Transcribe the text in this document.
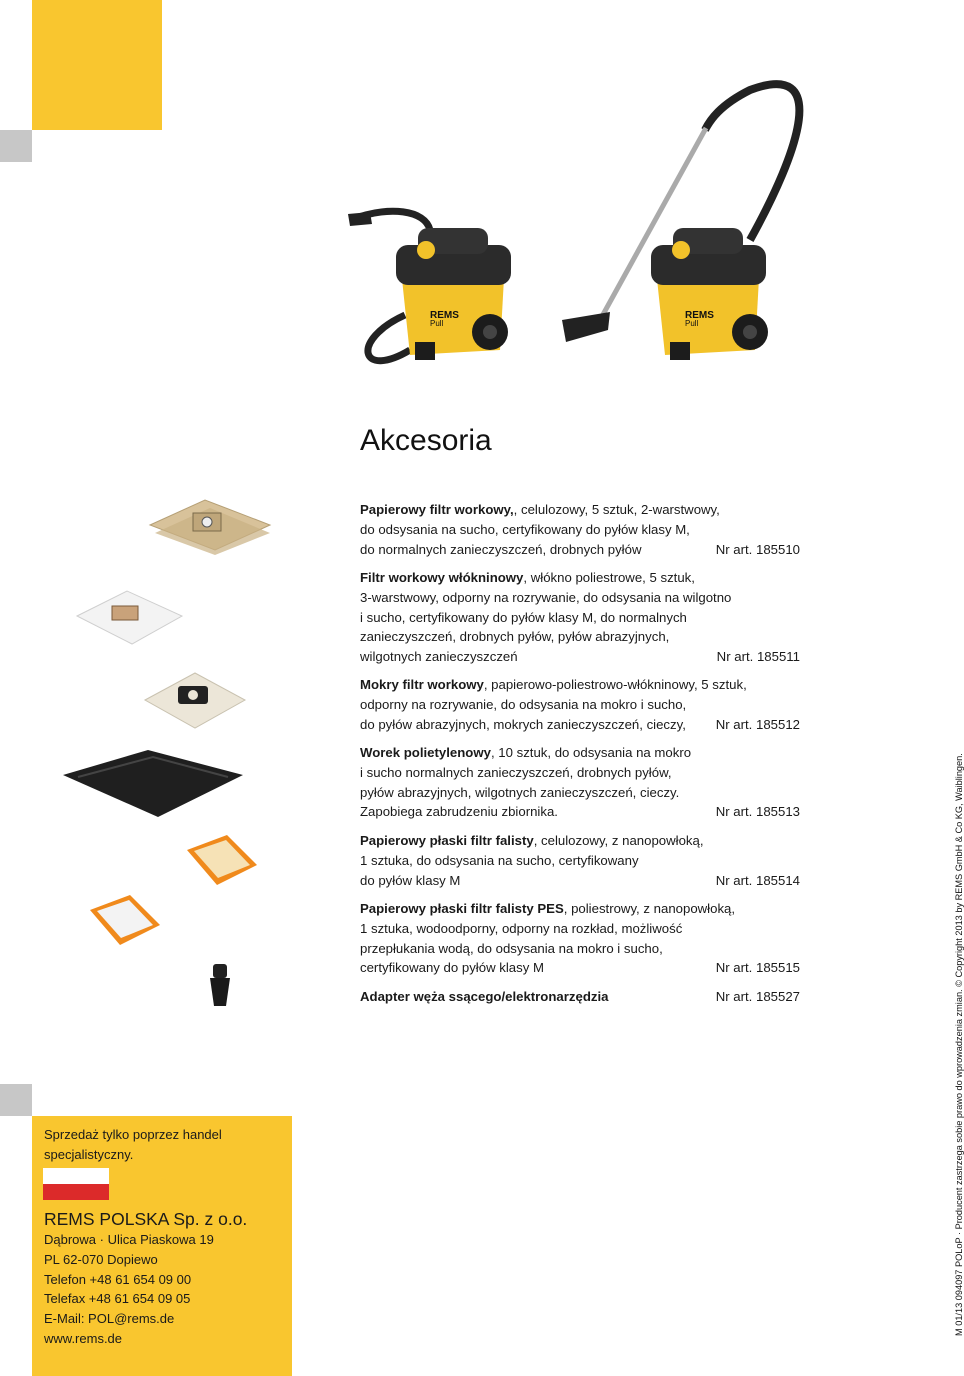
REMS
Pull
REMS
Pull
Akcesoria
Papierowy filtr workowy,, celulozowy, 5 sztuk, 2-warstwowy,
do odsysania na sucho, certyfikowany do pyłów klasy M,
do normalnych zanieczyszczeń, drobnych pyłów	Nr art. 185510
Filtr workowy włókninowy, włókno poliestrowe, 5 sztuk,
3-warstwowy, odporny na rozrywanie, do odsysania na wilgotno
i sucho, certyfikowany do pyłów klasy M, do normalnych
zanieczyszczeń, drobnych pyłów, pyłów abrazyjnych,
wilgotnych zanieczyszczeń	Nr art. 185511
Mokry filtr workowy, papierowo-poliestrowo-włókninowy, 5 sztuk,
odporny na rozrywanie, do odsysania na mokro i sucho,
do pyłów abrazyjnych, mokrych zanieczyszczeń, cieczy,	Nr art. 185512
Worek polietylenowy, 10 sztuk, do odsysania na mokro
i sucho normalnych zanieczyszczeń, drobnych pyłów,
pyłów abrazyjnych, wilgotnych zanieczyszczeń, cieczy.
Zapobiega zabrudzeniu zbiornika.	Nr art. 185513
Papierowy płaski filtr falisty, celulozowy, z nanopowłoką,
1 sztuka, do odsysania na sucho, certyfikowany
do pyłów klasy M	Nr art. 185514
Papierowy płaski filtr falisty PES, poliestrowy, z nanopowłoką,
1 sztuka, wodoodporny, odporny na rozkład, możliwość
przepłukania wodą, do odsysania na mokro i sucho,
certyfikowany do pyłów klasy M	Nr art. 185515
Adapter węża ssącego/elektronarzędzia	Nr art. 185527
Sprzedaż tylko poprzez handel
specjalistyczny.
REMS POLSKA Sp. z o.o.
Dąbrowa · Ulica Piaskowa 19
PL 62-070 Dopiewo
Telefon +48 61 654 09 00
Telefax +48 61 654 09 05
E-Mail: POL@rems.de
www.rems.de
M 01/13 094097 POLoP · Producent zastrzega sobie prawo do wprowadzenia zmian. © Copyright 2013 by REMS GmbH & Co KG, Waiblingen.
